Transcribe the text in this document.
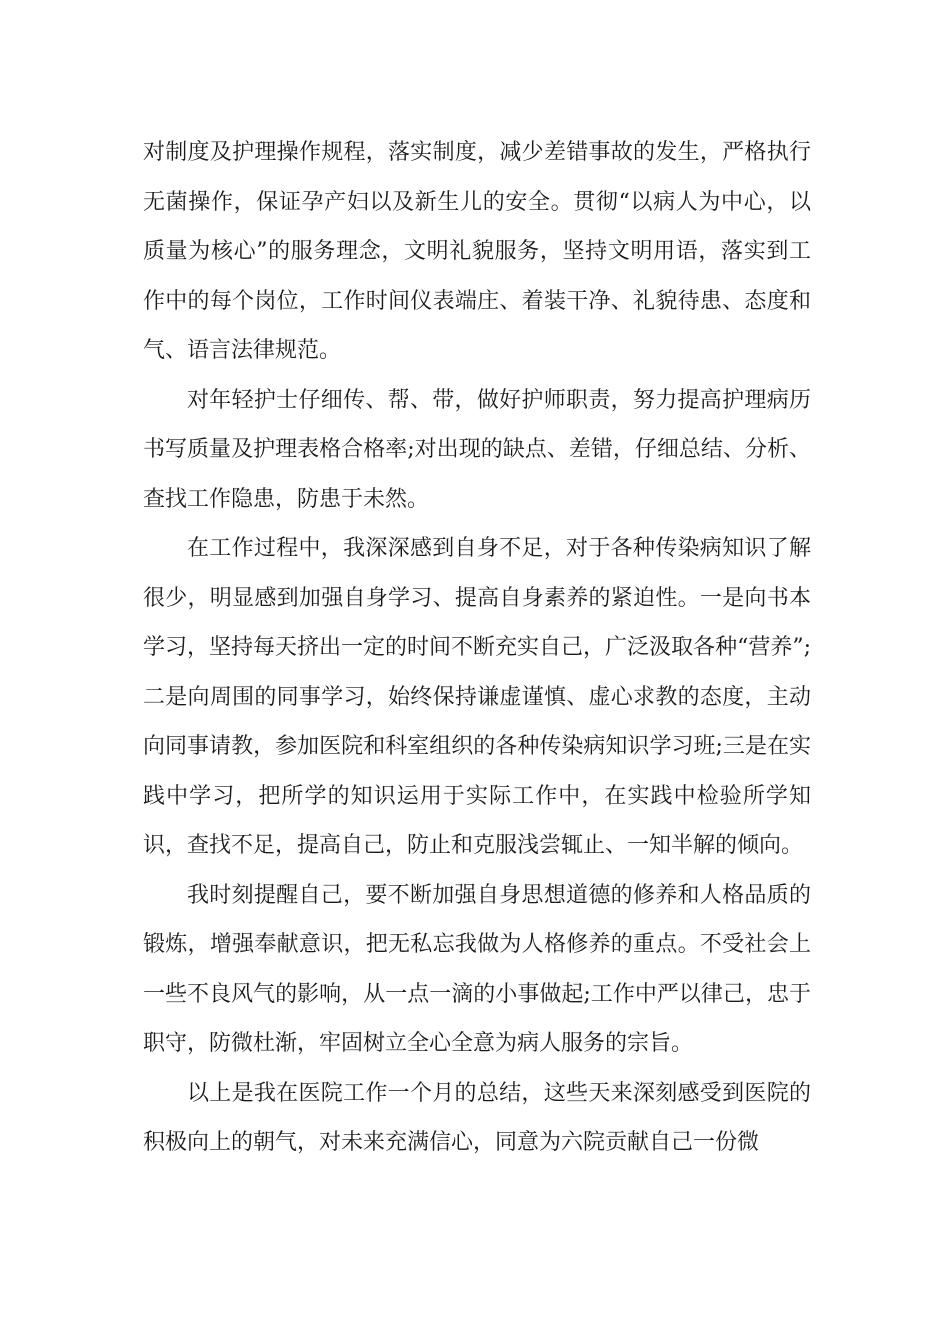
对制度及护理操作规程，落实制度，减少差错事故的发生，严格执行无菌操作，保证孕产妇以及新生儿的安全。贯彻“以病人为中心，以质量为核心”的服务理念，文明礼貌服务，坚持文明用语，落实到工作中的每个岗位，工作时间仪表端庄、着装干净、礼貌待患、态度和气、语言法律规范。

对年轻护士仔细传、帮、带，做好护师职责，努力提高护理病历书写质量及护理表格合格率;对出现的缺点、差错，仔细总结、分析、查找工作隐患，防患于未然。

在工作过程中，我深深感到自身不足，对于各种传染病知识了解很少，明显感到加强自身学习、提高自身素养的紧迫性。一是向书本学习，坚持每天挤出一定的时间不断充实自己，广泛汲取各种“营养”;二是向周围的同事学习，始终保持谦虚谨慎、虚心求教的态度，主动向同事请教，参加医院和科室组织的各种传染病知识学习班;三是在实践中学习，把所学的知识运用于实际工作中，在实践中检验所学知识，查找不足，提高自己，防止和克服浅尝辄止、一知半解的倾向。

我时刻提醒自己，要不断加强自身思想道德的修养和人格品质的锻炼，增强奉献意识，把无私忘我做为人格修养的重点。不受社会上一些不良风气的影响，从一点一滴的小事做起;工作中严以律己，忠于职守，防微杜渐，牢固树立全心全意为病人服务的宗旨。

以上是我在医院工作一个月的总结，这些天来深刻感受到医院的积极向上的朝气，对未来充满信心，同意为六院贡献自己一份微
